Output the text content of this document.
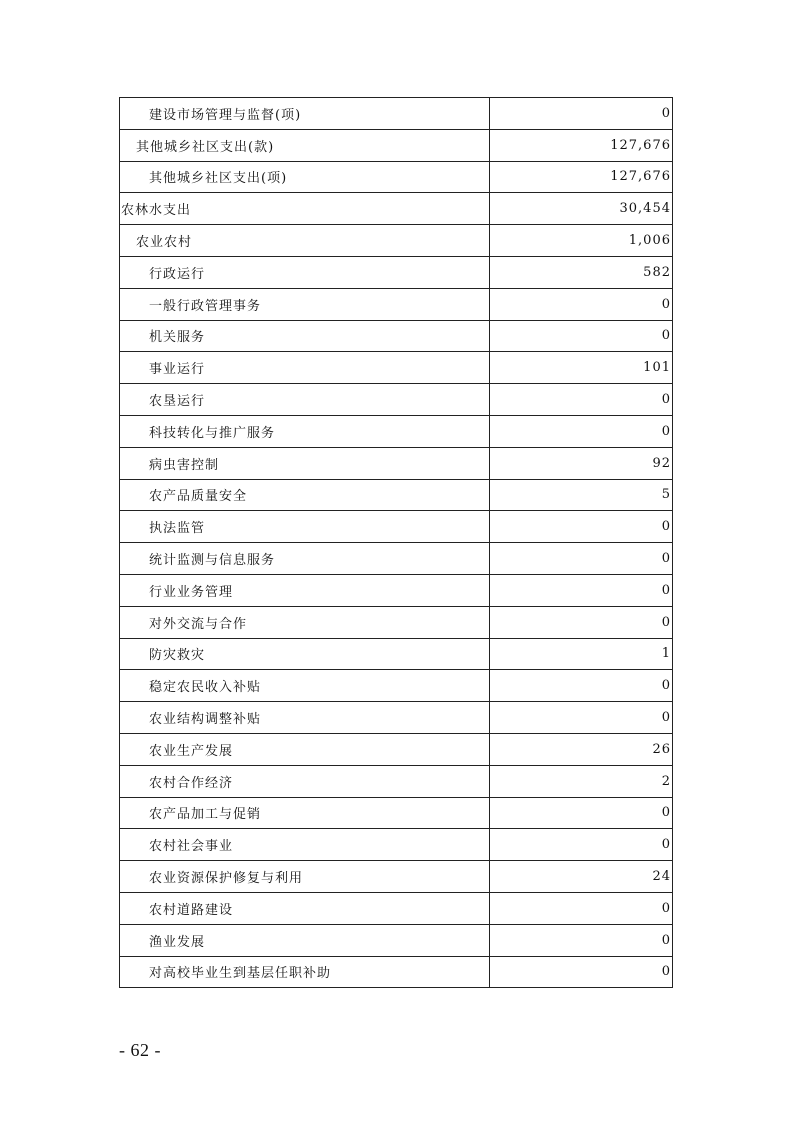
建设市场管理与监督(项)	0
其他城乡社区支出(款)	127,676
其他城乡社区支出(项)	127,676
农林水支出	30,454
农业农村	1,006
行政运行	582
一般行政管理事务	0
机关服务	0
事业运行	101
农垦运行	0
科技转化与推广服务	0
病虫害控制	92
农产品质量安全	5
执法监管	0
统计监测与信息服务	0
行业业务管理	0
对外交流与合作	0
防灾救灾	1
稳定农民收入补贴	0
农业结构调整补贴	0
农业生产发展	26
农村合作经济	2
农产品加工与促销	0
农村社会事业	0
农业资源保护修复与利用	24
农村道路建设	0
渔业发展	0
对高校毕业生到基层任职补助	0
- 62 -
